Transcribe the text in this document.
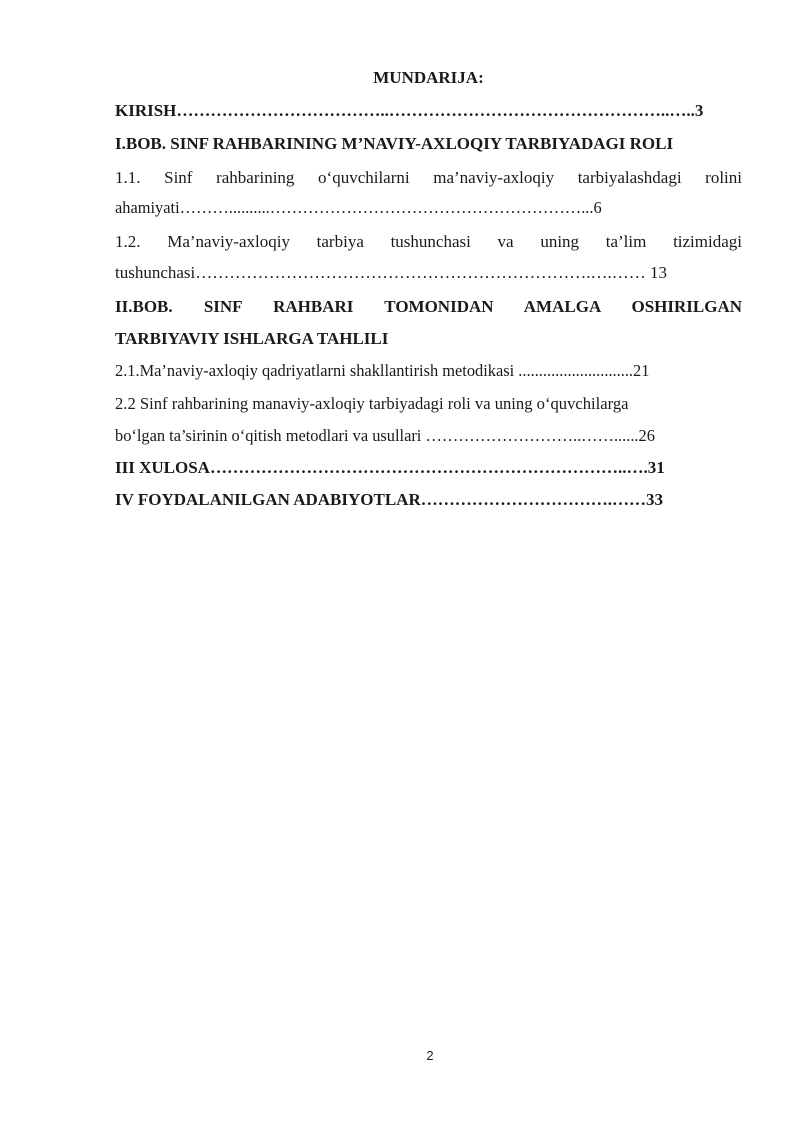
MUNDARIJA:
KIRISH………………………………..…………………………………………..…..3
I.BOB. SINF RAHBARINING M’NAVIY-AXLOQIY TARBIYADAGI ROLI
1.1. Sinf rahbarining o‘quvchilarni ma’naviy-axloqiy tarbiyalashdagi rolini
ahamiyati………..........…………………………………………………...6
1.2. Ma’naviy-axloqiy tarbiya tushunchasi va uning ta’lim tizimidagi
tushunchasi…………………………………………………………….….…… 13
II.BOB. SINF RAHBARI TOMONIDAN AMALGA OSHIRILGAN
TARBIYAVIY ISHLARGA TAHLILI
2.1.Ma’naviy-axloqiy qadriyatlarni shakllantirish metodikasi ............................21
2.2 Sinf rahbarining manaviy-axloqiy tarbiyadagi roli va uning o‘quvchilarga
bo‘lgan ta’sirinin o‘qitish metodlari va usullari ………………………..……......26
III XULOSA………………………………………………………………..….31
IV FOYDALANILGAN ADABIYOTLAR…………………………….……33
2
